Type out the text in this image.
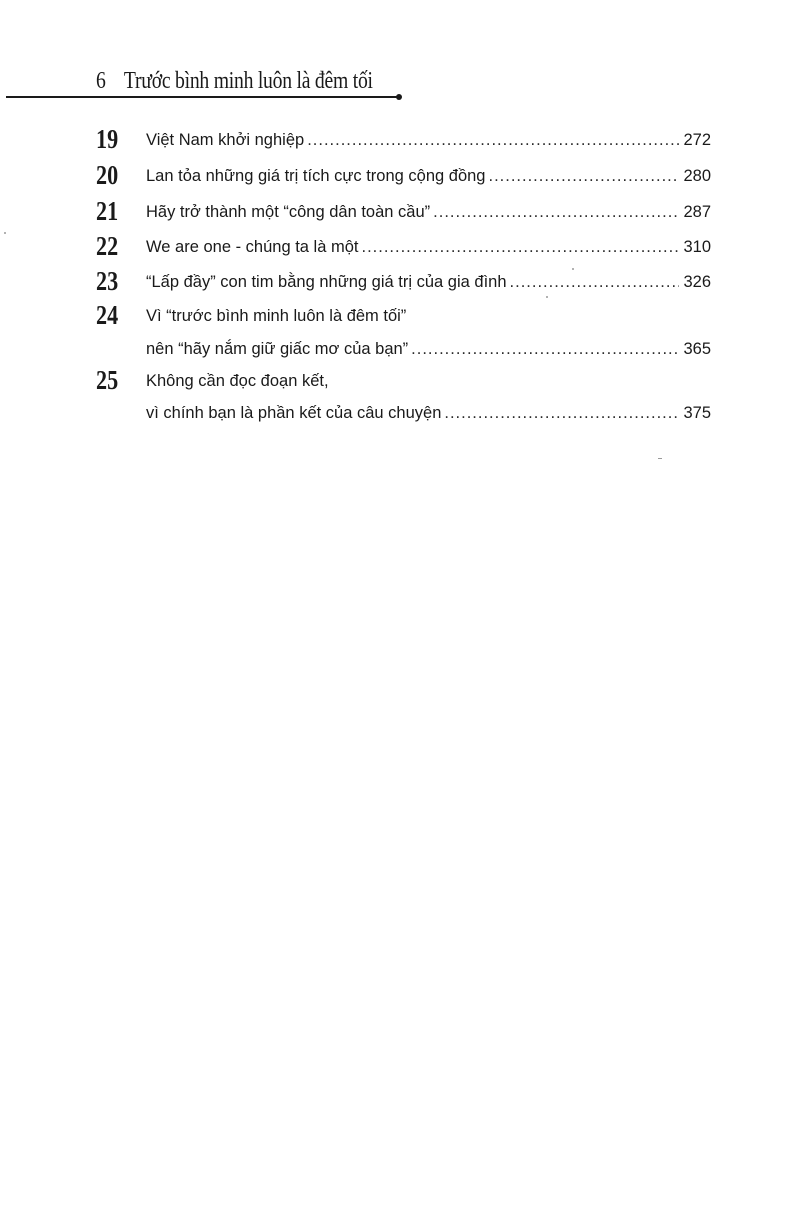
6 Trước bình minh luôn là đêm tối
19 Việt Nam khởi nghiệp .....	272
20 Lan tỏa những giá trị tích cực trong cộng đồng .....	280
21 Hãy trở thành một “công dân toàn cầu” .....	287
22 We are one - chúng ta là một .....	310
23 “Lấp đầy” con tim bằng những giá trị của gia đình .....	326
24 Vì “trước bình minh luôn là đêm tối”
nên “hãy nắm giữ giấc mơ của bạn” .....	365
25 Không cần đọc đoạn kết,
vì chính bạn là phần kết của câu chuyện .....	375
